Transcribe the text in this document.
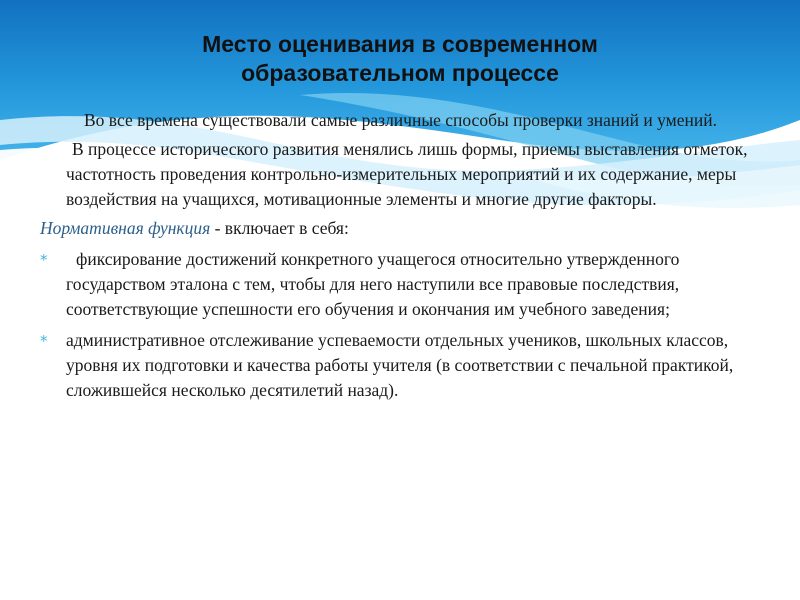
Место оценивания в современном
образовательном процессе

Во все времена существовали самые различные способы проверки знаний и умений.

В процессе исторического развития менялись лишь формы, приемы выставления отметок, частотность проведения контрольно-измерительных мероприятий и их содержание, меры воздействия на учащихся, мотивационные элементы и многие другие факторы.

Нормативная функция - включает в себя:

* фиксирование достижений конкретного учащегося относительно утвержденного государством эталона с тем, чтобы для него наступили все правовые последствия, соответствующие успешности его обучения и окончания им учебного заведения;
* административное отслеживание успеваемости отдельных учеников, школьных классов, уровня их подготовки и качества работы учителя (в соответствии с печальной практикой, сложившейся несколько десятилетий назад).
